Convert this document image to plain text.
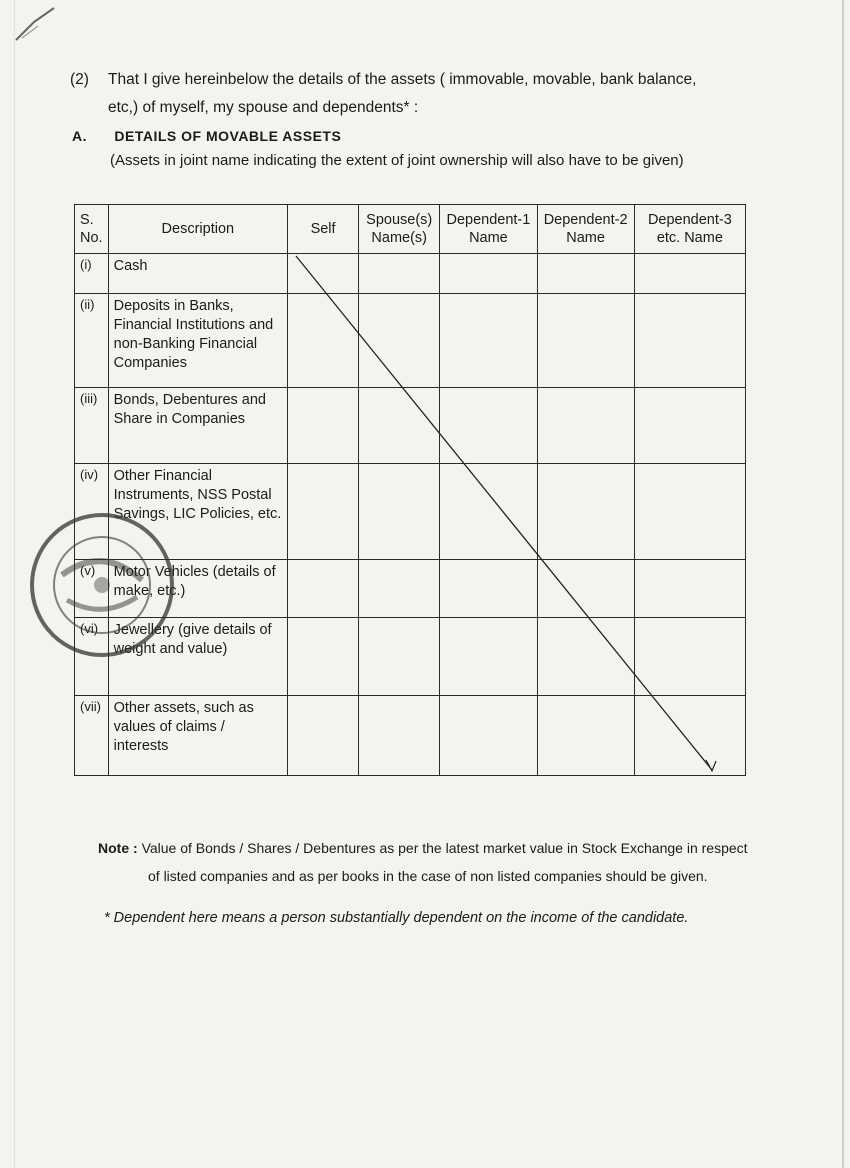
(2) That I give hereinbelow the details of the assets ( immovable, movable, bank balance, etc,) of myself, my spouse and dependents* :
A. DETAILS OF MOVABLE ASSETS
(Assets in joint name indicating the extent of joint ownership will also have to be given)
S. No.	Description	Self	Spouse(s) Name(s)	Dependent-1 Name	Dependent-2 Name	Dependent-3 etc. Name
(i)	Cash					
(ii)	Deposits in Banks, Financial Institutions and non-Banking Financial Companies					
(iii)	Bonds, Debentures and Share in Companies					
(iv)	Other Financial Instruments, NSS Postal Savings, LIC Policies, etc.					
(v)	Motor Vehicles (details of make, etc.)					
(vi)	Jewellery (give details of weight and value)					
(vii)	Other assets, such as values of claims / interests					
Note : Value of Bonds / Shares / Debentures as per the latest market value in Stock Exchange in respect
of listed companies and as per books in the case of non listed companies should be given.
* Dependent here means a person substantially dependent on the income of the candidate.
